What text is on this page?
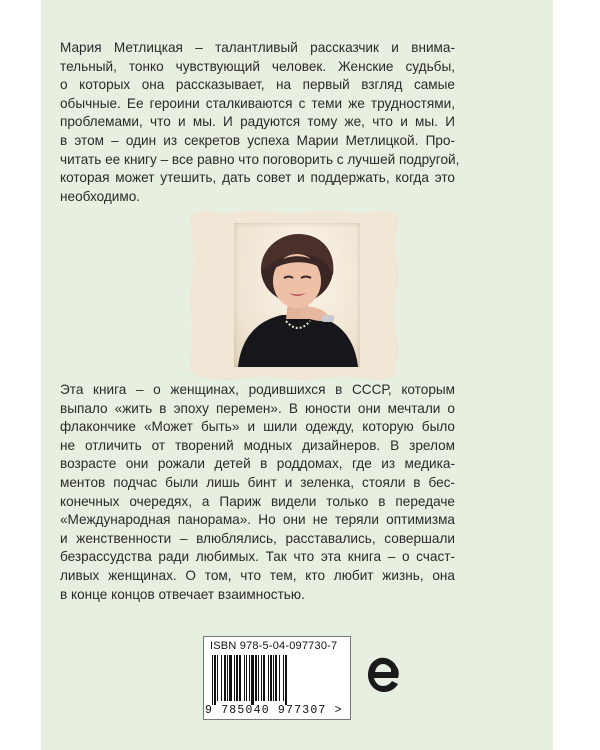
Мария Метлицкая – талантливый рассказчик и внима-
тельный, тонко чувствующий человек. Женские судьбы,
о которых она рассказывает, на первый взгляд самые
обычные. Ее героини сталкиваются с теми же трудностями,
проблемами, что и мы. И радуются тому же, что и мы. И
в этом – один из секретов успеха Марии Метлицкой. Про-
читать ее книгу – все равно что поговорить с лучшей подругой,
которая может утешить, дать совет и поддержать, когда это
необходимо.
Эта книга – о женщинах, родившихся в СССР, которым
выпало «жить в эпоху перемен». В юности они мечтали о
флакончике «Может быть» и шили одежду, которую было
не отличить от творений модных дизайнеров. В зрелом
возрасте они рожали детей в роддомах, где из медика-
ментов подчас были лишь бинт и зеленка, стояли в бес-
конечных очередях, а Париж видели только в передаче
«Международная панорама». Но они не теряли оптимизма
и женственности – влюблялись, расставались, совершали
безрассудства ради любимых. Так что эта книга – о счаст-
ливых женщинах. О том, что тем, кто любит жизнь, она
в конце концов отвечает взаимностью.
ISBN 978-5-04-097730-7
9 785040 977307 >
